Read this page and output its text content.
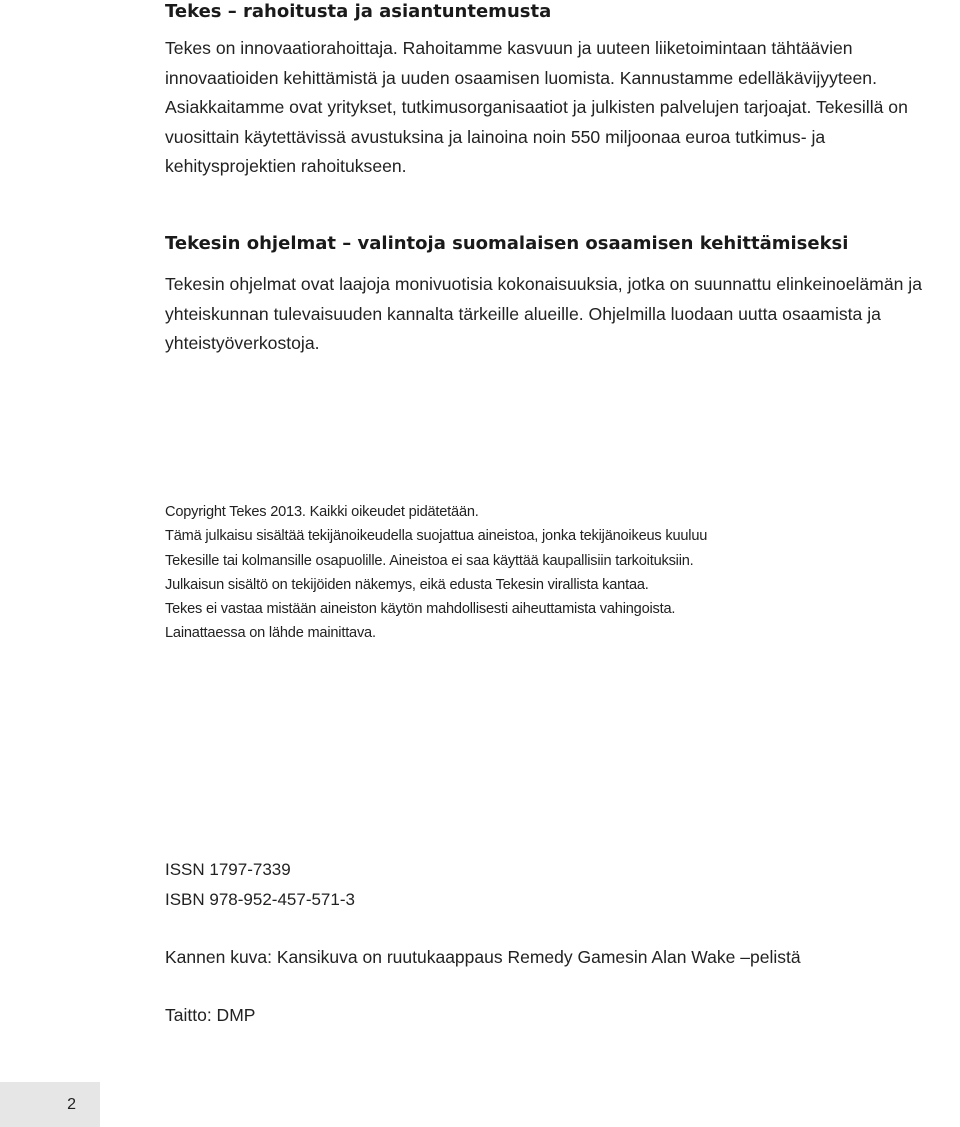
Tekes – rahoitusta ja asiantuntemusta

Tekes on innovaatiorahoittaja. Rahoitamme kasvuun ja uuteen liiketoimintaan tähtäävien innovaatioiden kehittämistä ja uuden osaamisen luomista. Kannustamme edelläkävijyyteen. Asiakkaitamme ovat yritykset, tutkimusorganisaatiot ja julkisten palvelujen tarjoajat. Tekesillä on vuosittain käytettävissä avustuksina ja lainoina noin 550 miljoonaa euroa tutkimus- ja kehitysprojektien rahoitukseen.

Tekesin ohjelmat – valintoja suomalaisen osaamisen kehittämiseksi

Tekesin ohjelmat ovat laajoja monivuotisia kokonaisuuksia, jotka on suunnattu elinkeinoelämän ja yhteiskunnan tulevaisuuden kannalta tärkeille alueille. Ohjelmilla luodaan uutta osaamista ja yhteistyöverkostoja.

Copyright Tekes 2013. Kaikki oikeudet pidätetään.
Tämä julkaisu sisältää tekijänoikeudella suojattua aineistoa, jonka tekijänoikeus kuuluu
Tekesille tai kolmansille osapuolille. Aineistoa ei saa käyttää kaupallisiin tarkoituksiin.
Julkaisun sisältö on tekijöiden näkemys, eikä edusta Tekesin virallista kantaa.
Tekes ei vastaa mistään aineiston käytön mahdollisesti aiheuttamista vahingoista.
Lainattaessa on lähde mainittava.
ISSN 1797-7339
ISBN 978-952-457-571-3
Kannen kuva: Kansikuva on ruutukaappaus Remedy Gamesin Alan Wake –pelistä
Taitto: DMP
2
